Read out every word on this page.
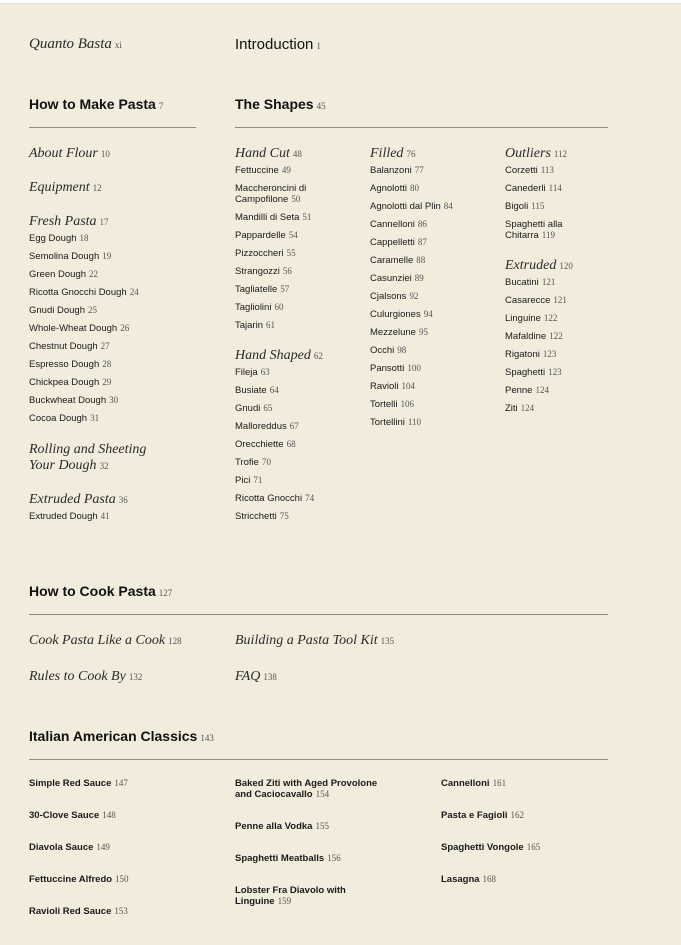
Quanto Basta xi	Introduction 1
How to Make Pasta 7	The Shapes 45
About Flour 10
Equipment 12
Fresh Pasta 17
Egg Dough 18
Semolina Dough 19
Green Dough 22
Ricotta Gnocchi Dough 24
Gnudi Dough 25
Whole-Wheat Dough 26
Chestnut Dough 27
Espresso Dough 28
Chickpea Dough 29
Buckwheat Dough 30
Cocoa Dough 31
Rolling and Sheeting
Your Dough 32
Extruded Pasta 36
Extruded Dough 41
Hand Cut 48
Fettuccine 49
Maccheroncini di
Campofilone 50
Mandilli di Seta 51
Pappardelle 54
Pizzoccheri 55
Strangozzi 56
Tagliatelle 57
Tagliolini 60
Tajarin 61
Hand Shaped 62
Fileja 63
Busiate 64
Gnudi 65
Malloreddus 67
Orecchiette 68
Trofie 70
Pici 71
Ricotta Gnocchi 74
Stricchetti 75
Filled 76
Balanzoni 77
Agnolotti 80
Agnolotti dal Plin 84
Cannelloni 86
Cappelletti 87
Caramelle 88
Casunziei 89
Cjalsons 92
Culurgiones 94
Mezzelune 95
Occhi 98
Pansotti 100
Ravioli 104
Tortelli 106
Tortellini 110
Outliers 112
Corzetti 113
Canederli 114
Bigoli 115
Spaghetti alla
Chitarra 119
Extruded 120
Bucatini 121
Casarecce 121
Linguine 122
Mafaldine 122
Rigatoni 123
Spaghetti 123
Penne 124
Ziti 124
How to Cook Pasta 127
Cook Pasta Like a Cook 128
Rules to Cook By 132
Building a Pasta Tool Kit 135
FAQ 138
Italian American Classics 143
Simple Red Sauce 147
30-Clove Sauce 148
Diavola Sauce 149
Fettuccine Alfredo 150
Ravioli Red Sauce 153
Baked Ziti with Aged Provolone
and Caciocavallo 154
Penne alla Vodka 155
Spaghetti Meatballs 156
Lobster Fra Diavolo with
Linguine 159
Cannelloni 161
Pasta e Fagioli 162
Spaghetti Vongole 165
Lasagna 168
